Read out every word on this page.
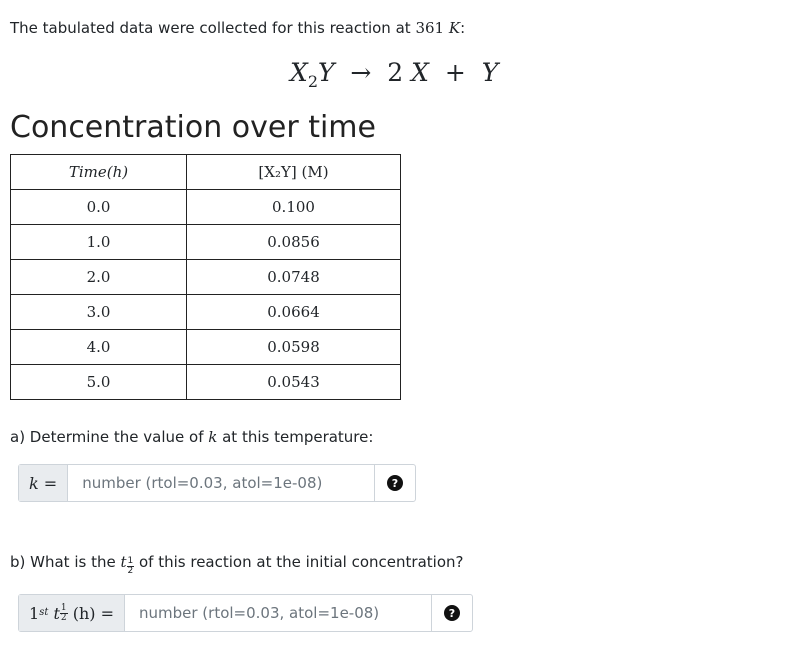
The tabulated data were collected for this reaction at 361 K:
$X_2Y \to 2$ X + Y
Concentration over time
Time(h)	[X₂Y] (M)
0.0	0.100
1.0	0.0856
2.0	0.0748
3.0	0.0664
4.0	0.0598
5.0	0.0543
a) Determine the value of k at this temperature:
k =
number (rtol=0.03, atol=1e-08)	?
b) What is the t $\frac{1}{2}$ of this reaction at the initial concentration?
1 st
t $\frac{1}{2}$
(h) =
number (rtol=0.03, atol=1e-08)	?
